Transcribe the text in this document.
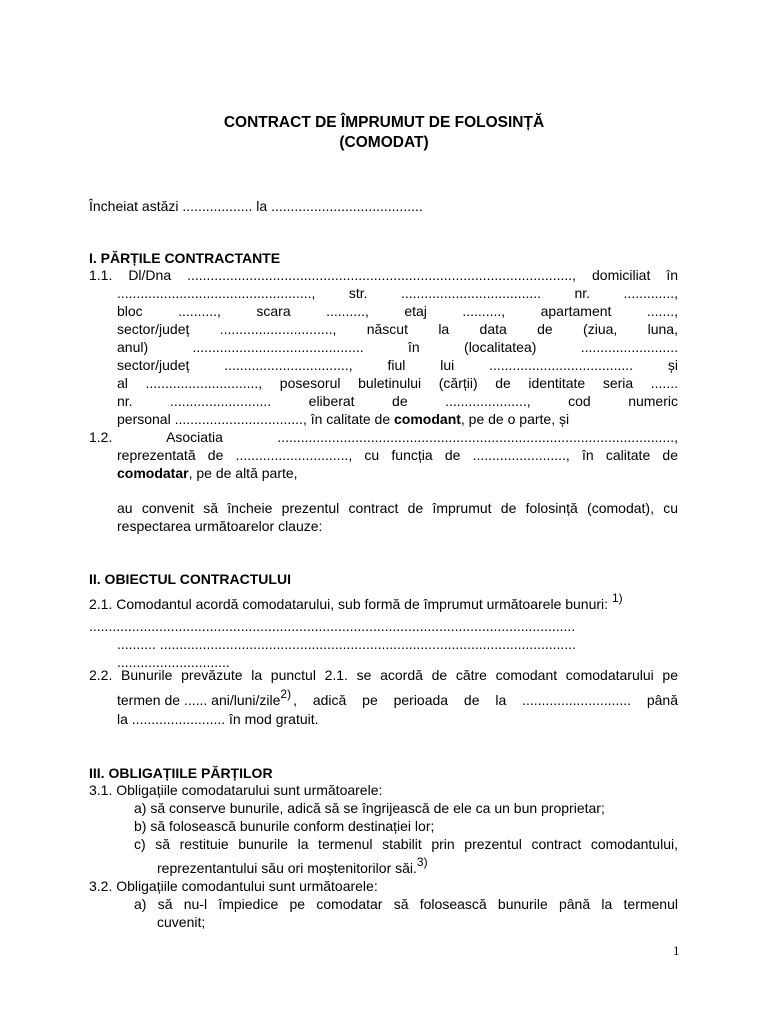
CONTRACT DE ÎMPRUMUT DE FOLOSINȚĂ
(COMODAT)
Încheiat astăzi .................. la .......................................
I. PĂRȚILE CONTRACTANTE
1.1. Dl/Dna ..................................................................................................., domiciliat în
.................................................., str. .................................... nr. .............,
bloc .........., scara .........., etaj .........., apartament .......,
sector/județ ............................., născut la data de (ziua, luna,
anul) ............................................ în (localitatea) .........................
sector/județ ................................, fiul lui ..................................... și
al ............................., posesorul buletinului (cărții) de identitate seria .......
nr. .......................... eliberat de ....................., cod numeric
personal ................................., în calitate de comodant, pe de o parte, și
1.2. Asociatia ......................................................................................................,
reprezentată de ............................., cu funcția de ........................, în calitate de
comodatar, pe de altă parte,
au convenit să încheie prezentul contract de împrumut de folosință (comodat), cu
respectarea următoarelor clauze:
II. OBIECTUL CONTRACTULUI
2.1. Comodantul acordă comodatarului, sub formă de împrumut următoarele bunuri: $^{1)}$
.............................................................................................................................
.......... ...........................................................................................................
.............................
2.2. Bunurile prevăzute la punctul 2.1. se acordă de către comodant comodatarului pe
termen de ...... ani/luni/zile$^{2)}$ , adică pe perioada de la ............................ până
la ........................ în mod gratuit.
III. OBLIGAȚIILE PĂRȚILOR
3.1. Obligațiile comodatarului sunt următoarele:
a) să conserve bunurile, adică să se îngrijească de ele ca un bun proprietar;
b) să folosească bunurile conform destinației lor;
c) să restituie bunurile la termenul stabilit prin prezentul contract comodantului,
reprezentantului său ori moștenitorilor săi.$^{3)}$
3.2. Obligațiile comodantului sunt următoarele:
a) să nu-l împiedice pe comodatar să folosească bunurile până la termenul
cuvenit;
1
